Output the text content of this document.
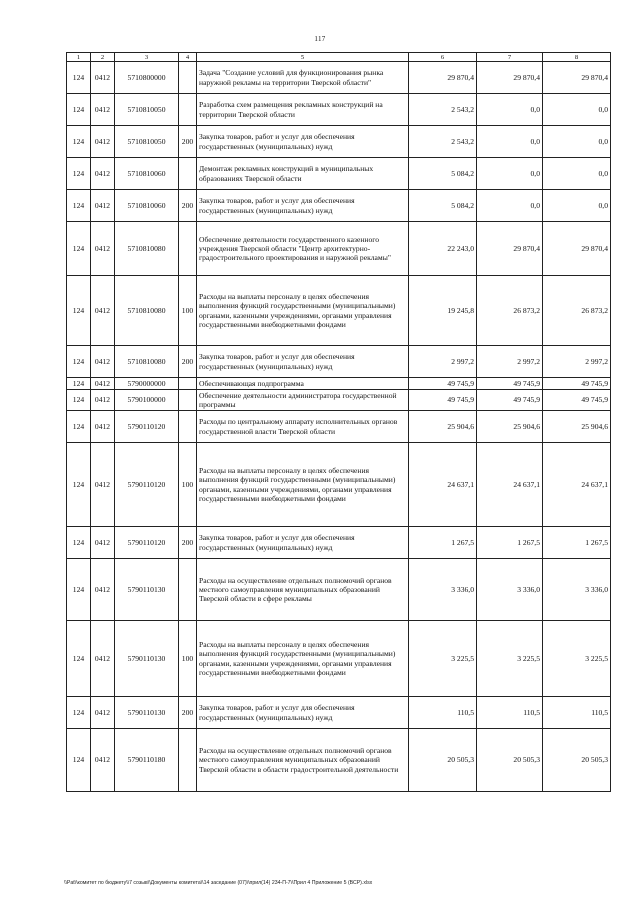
117
1	2	3	4	5	6	7	8
124	0412	5710800000		Задача "Создание условий для функционирования рынка наружной рекламы на территории Тверской области"	29 870,4	29 870,4	29 870,4
124	0412	5710810050		Разработка схем размещения рекламных конструкций на территории Тверской области	2 543,2	0,0	0,0
124	0412	5710810050	200	Закупка товаров, работ и услуг для обеспечения государственных (муниципальных) нужд	2 543,2	0,0	0,0
124	0412	5710810060		Демонтаж рекламных конструкций в муниципальных образованиях Тверской области	5 084,2	0,0	0,0
124	0412	5710810060	200	Закупка товаров, работ и услуг для обеспечения государственных (муниципальных) нужд	5 084,2	0,0	0,0
124	0412	5710810080		Обеспечение деятельности государственного казенного учреждения Тверской области "Центр архитектурно-градостроительного проектирования и наружной рекламы"	22 243,0	29 870,4	29 870,4
124	0412	5710810080	100	Расходы на выплаты персоналу в целях обеспечения выполнения функций государственными (муниципальными) органами, казенными учреждениями, органами управления государственными внебюджетными фондами	19 245,8	26 873,2	26 873,2
124	0412	5710810080	200	Закупка товаров, работ и услуг для обеспечения государственных (муниципальных) нужд	2 997,2	2 997,2	2 997,2
124	0412	5790000000		Обеспечивающая подпрограмма	49 745,9	49 745,9	49 745,9
124	0412	5790100000		Обеспечение деятельности администратора государственной программы	49 745,9	49 745,9	49 745,9
124	0412	5790110120		Расходы по центральному аппарату исполнительных органов государственной власти Тверской области	25 904,6	25 904,6	25 904,6
124	0412	5790110120	100	Расходы на выплаты персоналу в целях обеспечения выполнения функций государственными (муниципальными) органами, казенными учреждениями, органами управления государственными внебюджетными фондами	24 637,1	24 637,1	24 637,1
124	0412	5790110120	200	Закупка товаров, работ и услуг для обеспечения государственных (муниципальных) нужд	1 267,5	1 267,5	1 267,5
124	0412	5790110130		Расходы на осуществление отдельных полномочий органов местного самоуправления муниципальных образований Тверской области в сфере рекламы	3 336,0	3 336,0	3 336,0
124	0412	5790110130	100	Расходы на выплаты персоналу в целях обеспечения выполнения функций государственными (муниципальными) органами, казенными учреждениями, органами управления государственными внебюджетными фондами	3 225,5	3 225,5	3 225,5
124	0412	5790110130	200	Закупка товаров, работ и услуг для обеспечения государственных (муниципальных) нужд	110,5	110,5	110,5
124	0412	5790110180		Расходы на осуществление отдельных полномочий органов местного самоуправления муниципальных образований Тверской области в области градостроительной деятельности	20 505,3	20 505,3	20 505,3
\\Pat\\комитет по бюджету\\7 созыв\\Документы комитета\\14 заседание (07)\\прил(14) 234-П-7\\Прил 4 Приложение 5 (ВСР).xlsx
